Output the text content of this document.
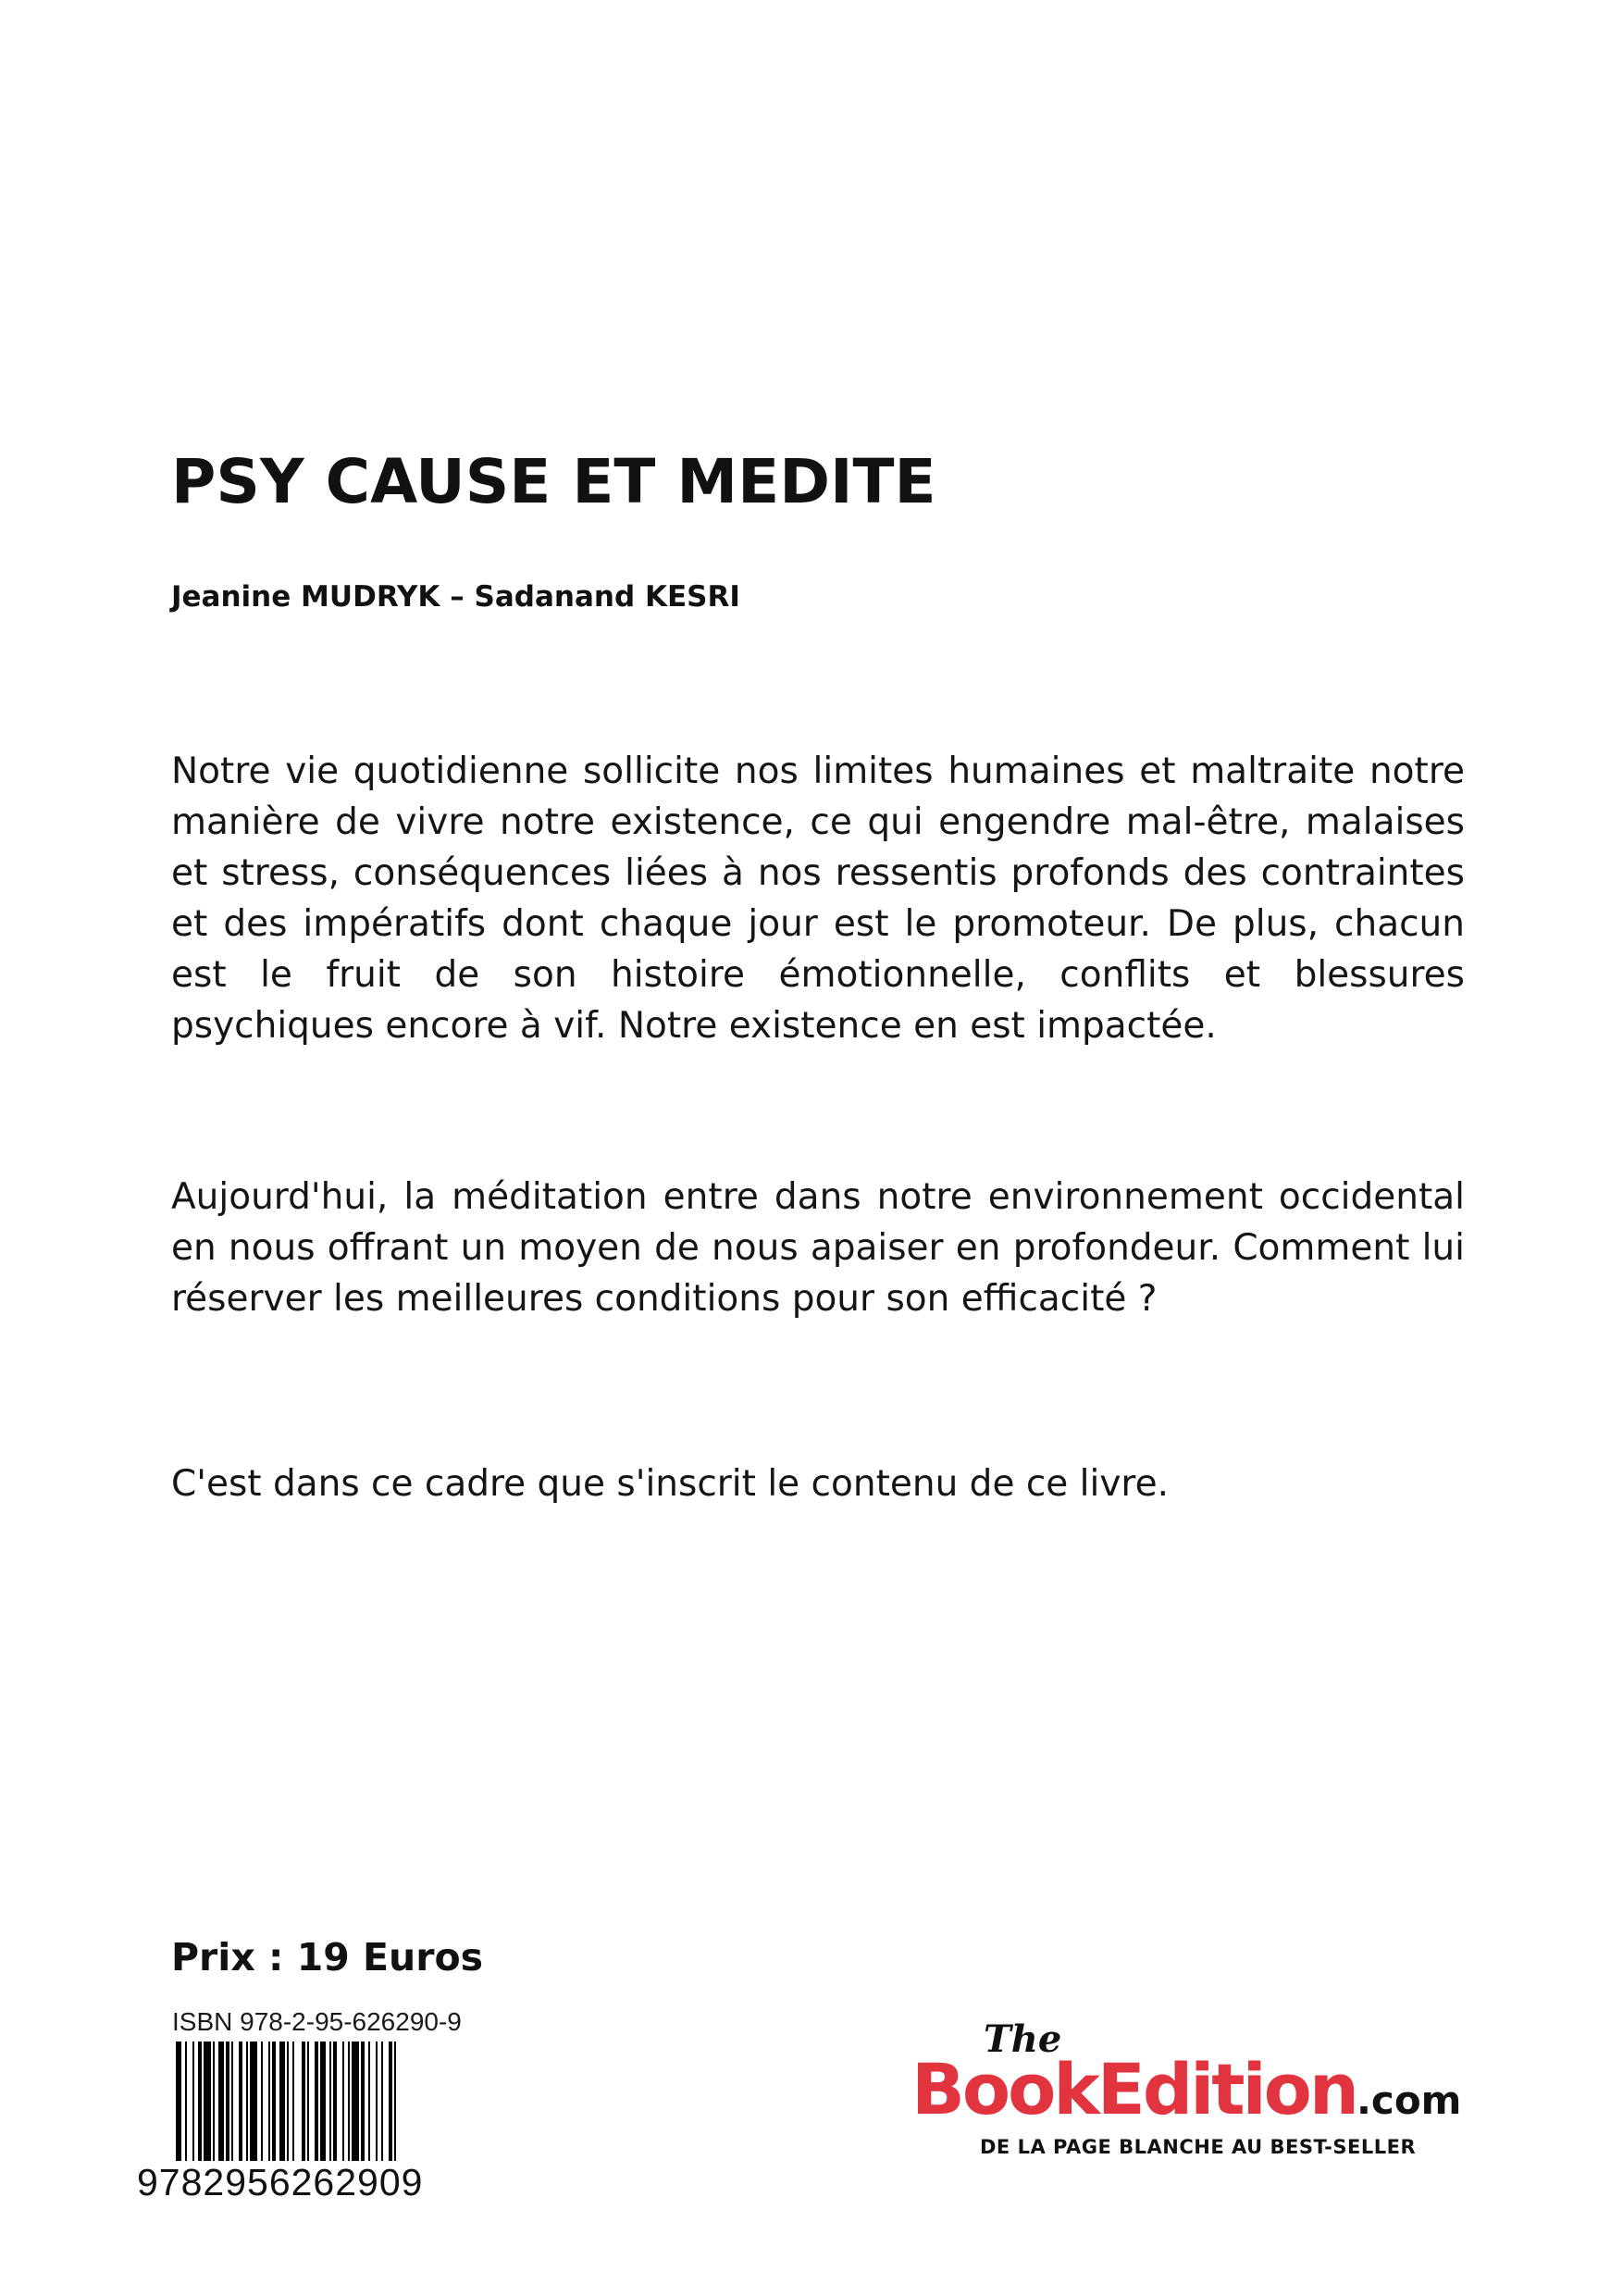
PSY CAUSE ET MEDITE

Jeanine MUDRYK – Sadanand KESRI

Notre vie quotidienne sollicite nos limites humaines et maltraite notre manière de vivre notre existence, ce qui engendre mal-être, malaises et stress, conséquences liées à nos ressentis profonds des contraintes et des impératifs dont chaque jour est le promoteur. De plus, chacun est le fruit de son histoire émotionnelle, conflits et blessures psychiques encore à vif. Notre existence en est impactée.

Aujourd'hui, la méditation entre dans notre environnement occidental en nous offrant un moyen de nous apaiser en profondeur. Comment lui réserver les meilleures conditions pour son efficacité ?

C'est dans ce cadre que s'inscrit le contenu de ce livre.

Prix : 19 Euros

ISBN 978-2-95-626290-9

9782956262909

The
BookEdition.com
DE LA PAGE BLANCHE AU BEST-SELLER
